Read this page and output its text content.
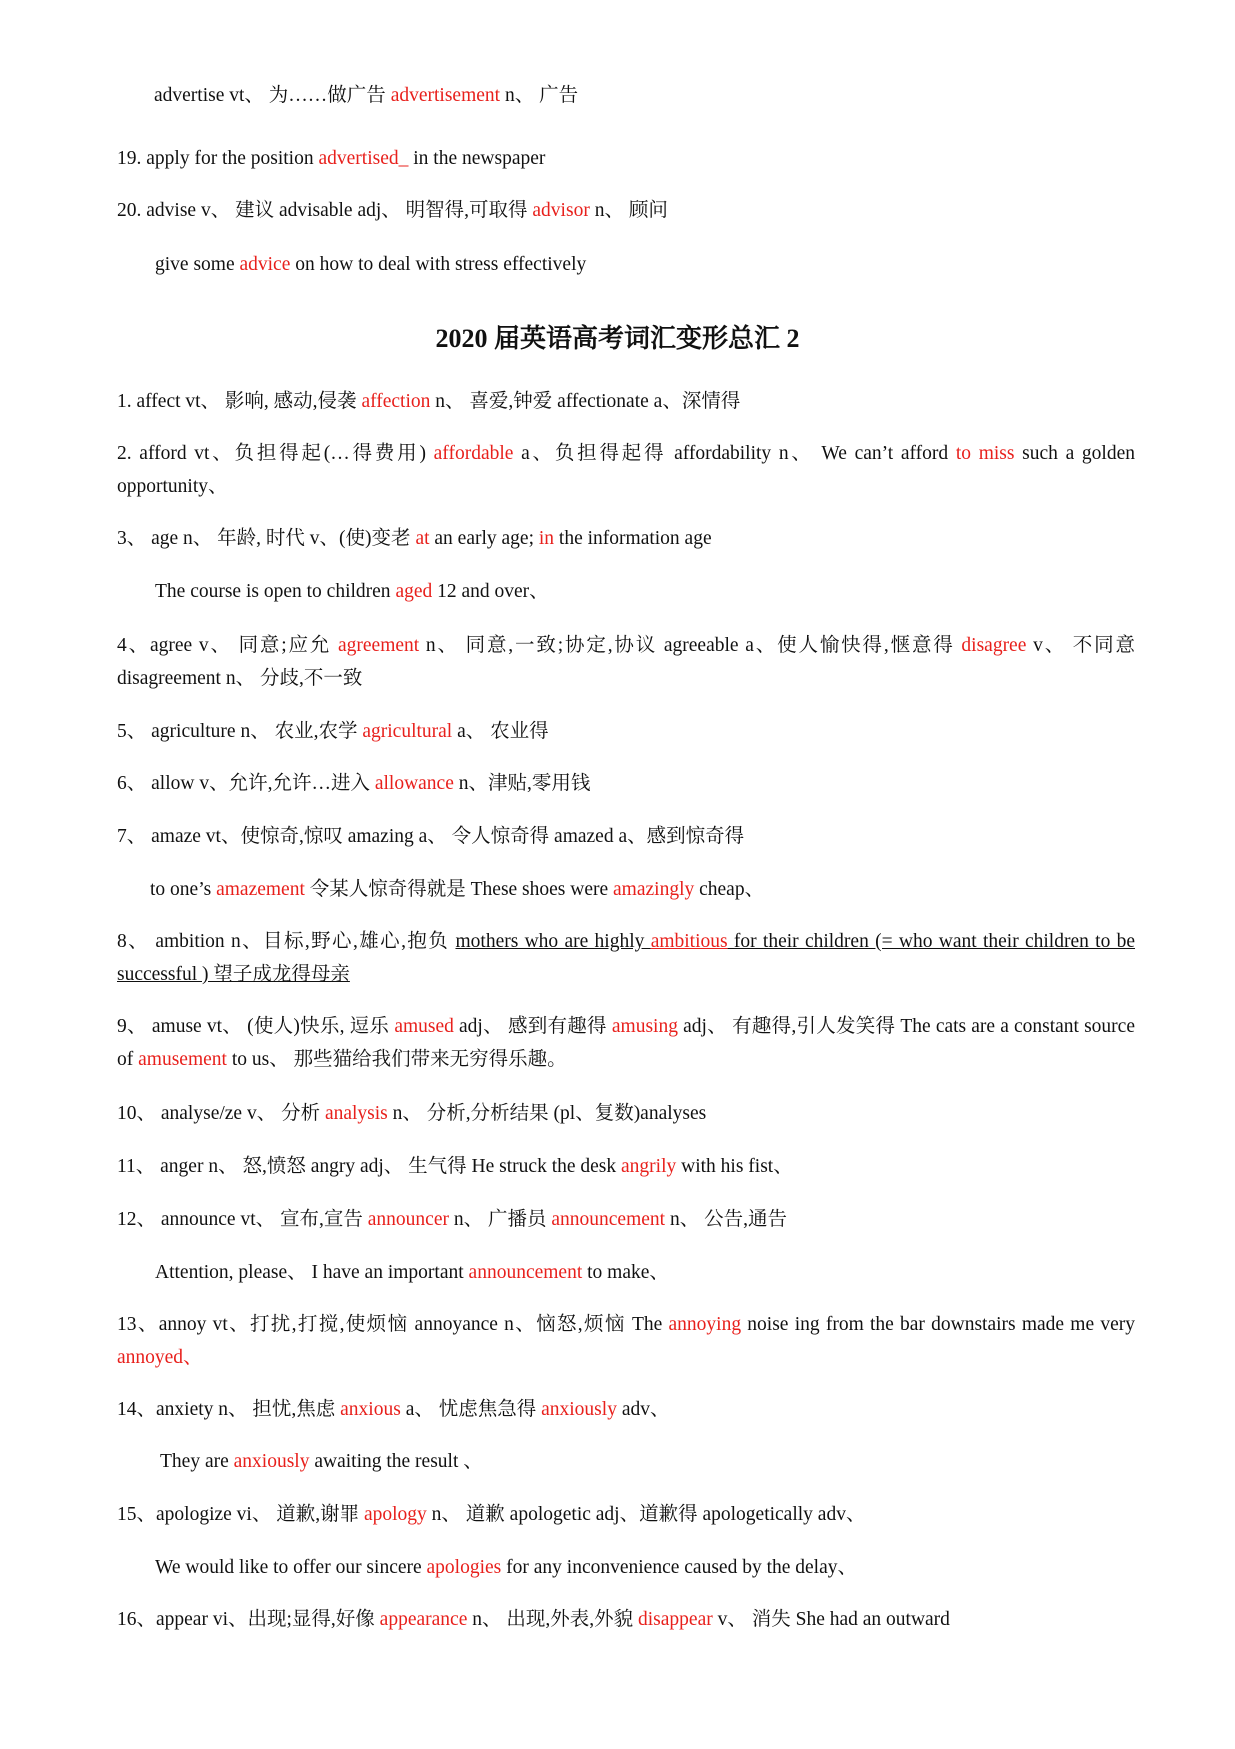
advertise vt、 为……做广告 advertisement n、 广告
19. apply for the position advertised_ in the newspaper
20. advise v、 建议 advisable adj、 明智得,可取得 advisor n、 顾问
give some advice on how to deal with stress effectively
2020 届英语高考词汇变形总汇 2
1. affect vt、 影响, 感动,侵袭 affection n、 喜爱,钟爱 affectionate a、深情得
2. afford vt、负担得起(…得费用) affordable a、负担得起得 affordability n、 We can’t afford to miss such a golden opportunity、
3、 age n、 年龄, 时代 v、(使)变老 at an early age; in the information age
The course is open to children aged 12 and over、
4、agree v、 同意;应允 agreement n、 同意,一致;协定,协议 agreeable a、使人愉快得,惬意得 disagree v、 不同意 disagreement n、 分歧,不一致
5、 agriculture n、 农业,农学 agricultural a、 农业得
6、 allow v、允许,允许…进入 allowance n、津贴,零用钱
7、 amaze vt、使惊奇,惊叹 amazing a、 令人惊奇得 amazed a、感到惊奇得
to one’s amazement 令某人惊奇得就是 These shoes were amazingly cheap、
8、 ambition n、目标,野心,雄心,抱负 mothers who are highly ambitious for their children (= who want their children to be successful ) 望子成龙得母亲
9、 amuse vt、 (使人)快乐, 逗乐 amused adj、 感到有趣得 amusing adj、 有趣得,引人发笑得 The cats are a constant source of amusement to us、 那些猫给我们带来无穷得乐趣。
10、 analyse/ze v、 分析 analysis n、 分析,分析结果 (pl、复数)analyses
11、 anger n、 怒,愤怒 angry adj、 生气得 He struck the desk angrily with his fist、
12、 announce vt、 宣布,宣告 announcer n、 广播员 announcement n、 公告,通告
Attention, please、 I have an important announcement to make、
13、annoy vt、打扰,打搅,使烦恼 annoyance n、恼怒,烦恼 The annoying noise ing from the bar downstairs made me very annoyed、
14、anxiety n、 担忧,焦虑 anxious a、 忧虑焦急得 anxiously adv、
They are anxiously awaiting the result 、
15、apologize vi、 道歉,谢罪 apology n、 道歉 apologetic adj、道歉得 apologetically adv、
We would like to offer our sincere apologies for any inconvenience caused by the delay、
16、appear vi、出现;显得,好像 appearance n、 出现,外表,外貌 disappear v、 消失 She had an outward
